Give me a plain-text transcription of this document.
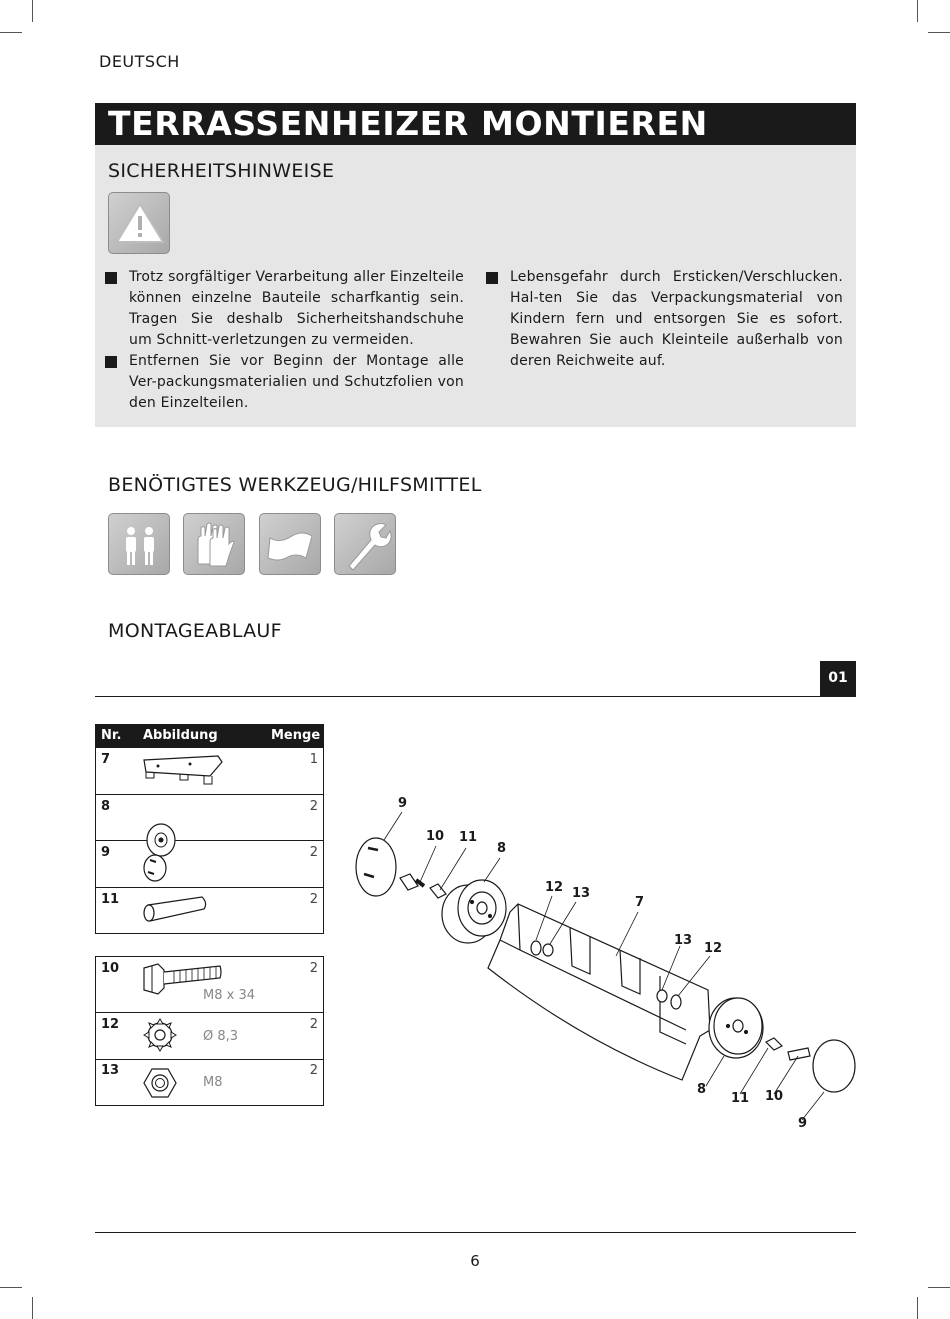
DEUTSCH
TERRASSENHEIZER MONTIEREN
SICHERHEITSHINWEISE
Trotz sorgfältiger Verarbeitung aller Einzelteile können einzelne Bauteile scharfkantig sein. Tragen Sie deshalb Sicherheitshandschuhe um Schnitt-verletzungen zu vermeiden.
Entfernen Sie vor Beginn der Montage alle Ver-packungsmaterialien und Schutzfolien von den Einzelteilen.
Lebensgefahr durch Ersticken/Verschlucken. Hal-ten Sie das Verpackungsmaterial von Kindern fern und entsorgen Sie es sofort. Bewahren Sie auch Kleinteile außerhalb von deren Reichweite auf.
BENÖTIGTES WERKZEUG/HILFSMITTEL
MONTAGEABLAUF
01
Nr. Abbildung	Menge
7	1
8	2
9	2
11	2
10	2
M8 x 34
12	2
Ø 8,3
13	2
M8
9
10 11
8
12 13
7
13
12
8
11 10
9
6
